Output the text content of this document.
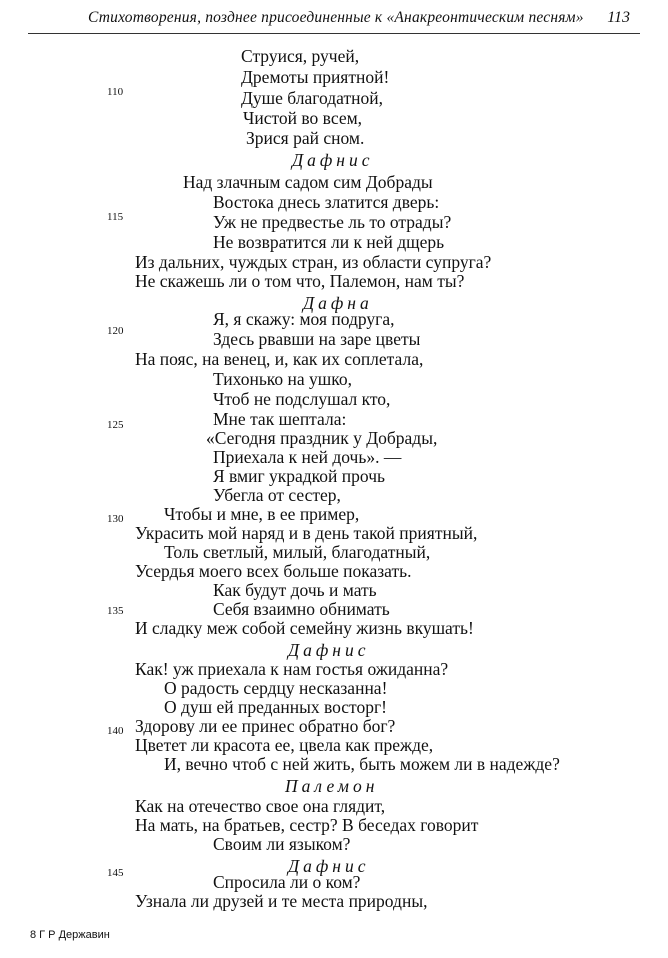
Стихотворения, позднее присоединенные к «Анакреонтическим песням» 113
Струися, ручей,
Дремоты приятной!
Душе благодатной,
Чистой во всем,
Зрися рай сном.
Дафнис
Над злачным садом сим Добрады
Востока днесь златится дверь:
Уж не предвестье ль то отрады?
Не возвратится ли к ней дщерь
Из дальних, чуждых стран, из области супруга?
Не скажешь ли о том что, Палемон, нам ты?
Дафна
Я, я скажу: моя подруга,
Здесь рвавши на заре цветы
На пояс, на венец, и, как их соплетала,
Тихонько на ушко,
Чтоб не подслушал кто,
Мне так шептала:
«Сегодня праздник у Добрады,
Приехала к ней дочь». —
Я вмиг украдкой прочь
Убегла от сестер,
Чтобы и мне, в ее пример,
Украсить мой наряд и в день такой приятный,
Толь светлый, милый, благодатный,
Усердья моего всех больше показать.
Как будут дочь и мать
Себя взаимно обнимать
И сладку меж собой семейну жизнь вкушать!
Дафнис
Как! уж приехала к нам гостья ожиданна?
О радость сердцу несказанна!
О душ ей преданных восторг!
Здорову ли ее принес обратно бог?
Цветет ли красота ее, цвела как прежде,
И, вечно чтоб с ней жить, быть можем ли в надежде?
Палемон
Как на отечество свое она глядит,
На мать, на братьев, сестр? В беседах говорит
Своим ли языком?
Дафнис
Спросила ли о ком?
Узнала ли друзей и те места природны,
110
115
120
125
130
135
140
145
8 Г Р Державин
